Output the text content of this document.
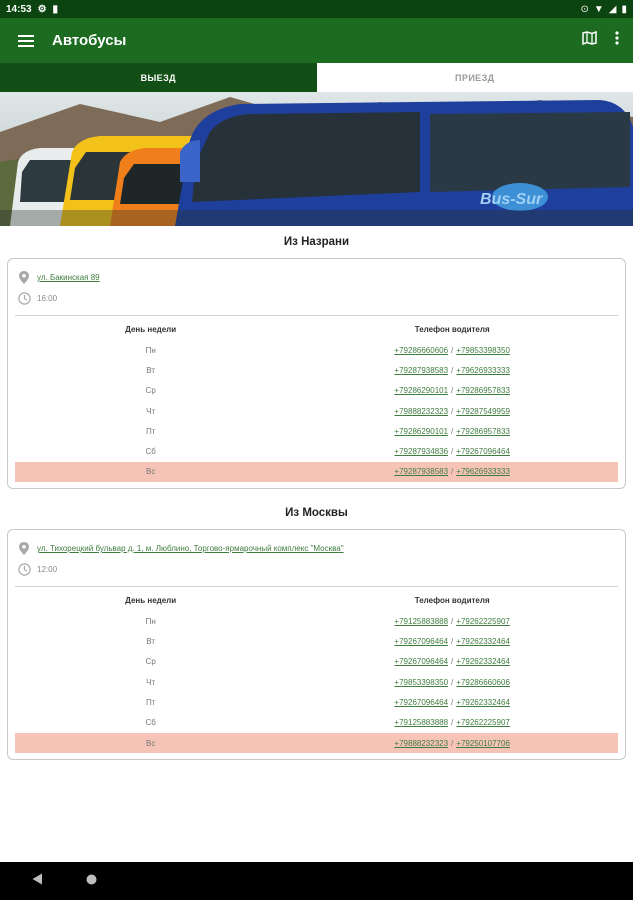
14:53 ⚙ ▮	⊙ ▼ ◢ ▮
Автобусы
ВЫЕЗД	ПРИЕЗД
Bus-Sur
Из Назрани
ул. Бакинская 89
16:00
День недели	Телефон водителя
Пн	+79286660606 / +79853398350
Вт	+79287938583 / +79626933333
Ср	+79286290101 / +79286957833
Чт	+79888232323 / +79287549959
Пт	+79286290101 / +79286957833
Сб	+79287934836 / +79267096464
Вс	+79287938583 / +79626933333
Из Москвы
ул. Тихорецкий бульвар д. 1, м. Люблино, Торгово-ярмарочный комплекс "Москва"
12:00
День недели	Телефон водителя
Пн	+79125883888 / +79262225907
Вт	+79267096464 / +79262332464
Ср	+79267096464 / +79262332464
Чт	+79853398350 / +79286660606
Пт	+79267096464 / +79262332464
Сб	+79125883888 / +79262225907
Вс	+79888232323 / +79250107706
